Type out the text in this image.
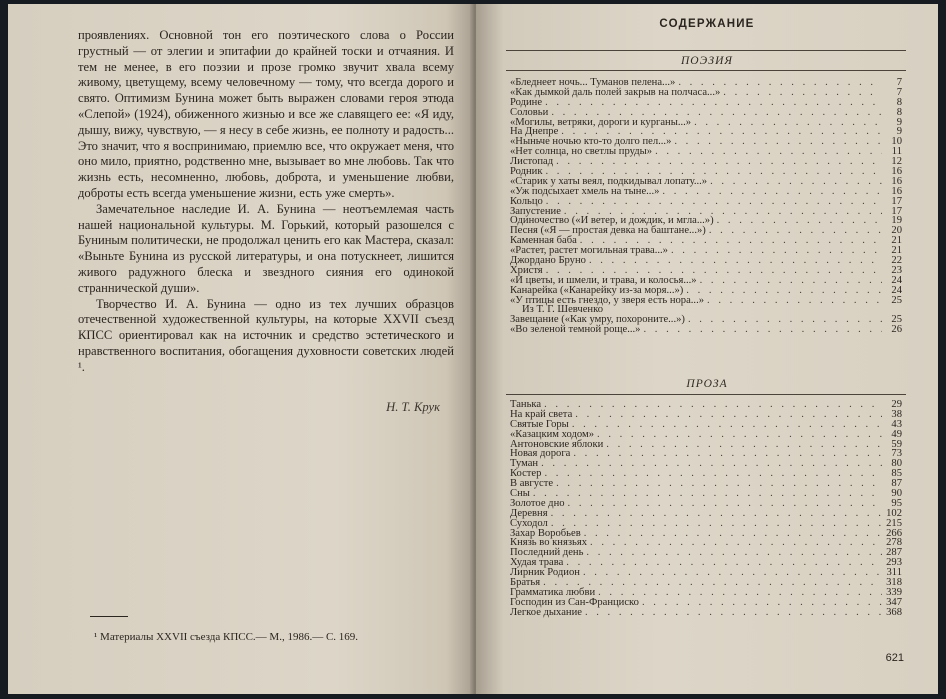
проявлениях. Основной тон его поэтического слова о России грустный — от элегии и эпитафии до крайней тоски и отчаяния. И тем не менее, в его поэзии и прозе громко звучит хвала всему живому, цветущему, всему человечному — тому, что всегда дорого и свято. Оптимизм Бунина может быть выражен словами героя этюда «Слепой» (1924), обиженного жизнью и все же славящего ее: «Я иду, дышу, вижу, чувствую, — я несу в себе жизнь, ее полноту и радость... Это значит, что я воспринимаю, приемлю все, что окружает меня, что оно мило, приятно, родственно мне, вызывает во мне любовь. Так что жизнь есть, несомненно, любовь, доброта, и уменьшение любви, доброты есть всегда уменьшение жизни, есть уже смерть».

Замечательное наследие И. А. Бунина — неотъемлемая часть нашей национальной культуры. М. Горький, который разошелся с Буниным политически, не продолжал ценить его как Мастера, сказал: «Выньте Бунина из русской литературы, и она потускнеет, лишится живого радужного блеска и звездного сияния его одинокой страннической души».

Творчество И. А. Бунина — одно из тех лучших образцов отечественной художественной культуры, на которые XXVII съезд КПСС ориентировал как на источник и средство эстетического и нравственного воспитания, обогащения духовности советских людей ¹.

Н. Т. Крук
¹ Материалы XXVII съезда КПСС.— М., 1986.— С. 169.
СОДЕРЖАНИЕ
ПОЭЗИЯ
«Бледнеет ночь... Туманов пелена...» . . .	7
«Как дымкой даль полей закрыв на полчаса...» . . .	7
Родине . . .	8
Соловьи . . .	8
«Могилы, ветряки, дороги и курганы...» . . .	9
На Днепре . . .	9
«Ныньче ночью кто-то долго пел...» . . .	10
«Нет солнца, но светлы пруды» . . .	11
Листопад . . .	12
Родник . . .	16
«Старик у хаты веял, подкидывал лопату...» . . .	16
«Уж подсыхает хмель на тыне...» . . .	16
Кольцо . . .	17
Запустение . . .	17
Одиночество («И ветер, и дождик, и мгла...») . . .	19
Песня («Я — простая девка на баштане...») . . .	20
Каменная баба . . .	21
«Растет, растет могильная трава...» . . .	21
Джордано Бруно . . .	22
Христя . . .	23
«И цветы, и шмели, и трава, и колосья...» . . .	24
Канарейка («Канарейку из-за моря...») . . .	24
«У птицы есть гнездо, у зверя есть нора...» . . .	25
Из Т. Г. Шевченко
Завещание («Как умру, похороните...») . . .	25
«Во зеленой темной роще...» . . .	26
ПРОЗА
Танька . . .	29
На край света . . .	38
Святые Горы . . .	43
«Казацким ходом» . . .	49
Антоновские яблоки . . .	59
Новая дорога . . .	73
Туман . . .	80
Костер . . .	85
В августе . . .	87
Сны . . .	90
Золотое дно . . .	95
Деревня . . .	102
Суходол . . .	215
Захар Воробьев . . .	266
Князь во князьях . . .	278
Последний день . . .	287
Худая трава . . .	293
Лирник Родион . . .	311
Братья . . .	318
Грамматика любви . . .	339
Господин из Сан-Франциско . . .	347
Легкое дыхание . . .	368
621
